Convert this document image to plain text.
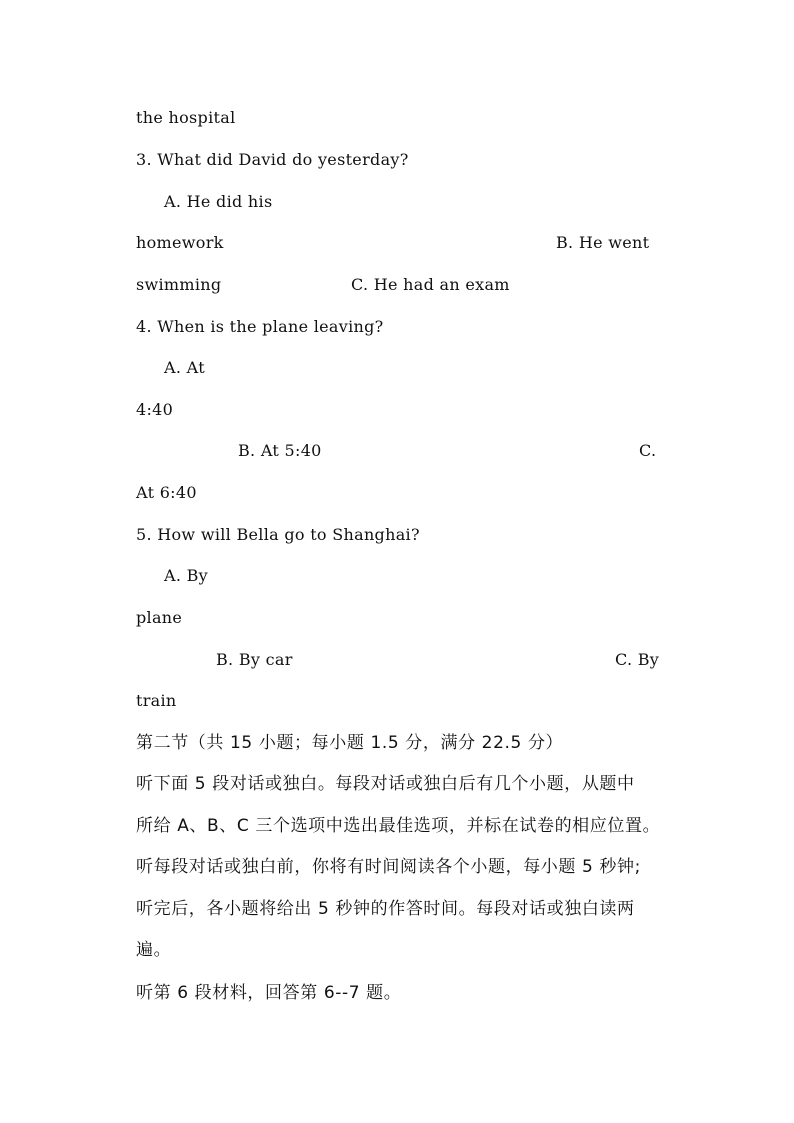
the hospital
3. What did David do yesterday?
A. He did his
homework	B. He went
swimming	C. He had an exam
4. When is the plane leaving?
A. At
4:40
B. At 5:40	C.
At 6:40
5. How will Bella go to Shanghai?
A. By
plane
B. By car	C. By
train
第二节（共 15 小题；每小题 1.5 分，满分 22.5 分）
听下面 5 段对话或独白。每段对话或独白后有几个小题，从题中
所给 A、B、C 三个选项中选出最佳选项，并标在试卷的相应位置。
听每段对话或独白前，你将有时间阅读各个小题，每小题 5 秒钟;
听完后，各小题将给出 5 秒钟的作答时间。每段对话或独白读两
遍。
听第 6 段材料，回答第 6--7 题。
